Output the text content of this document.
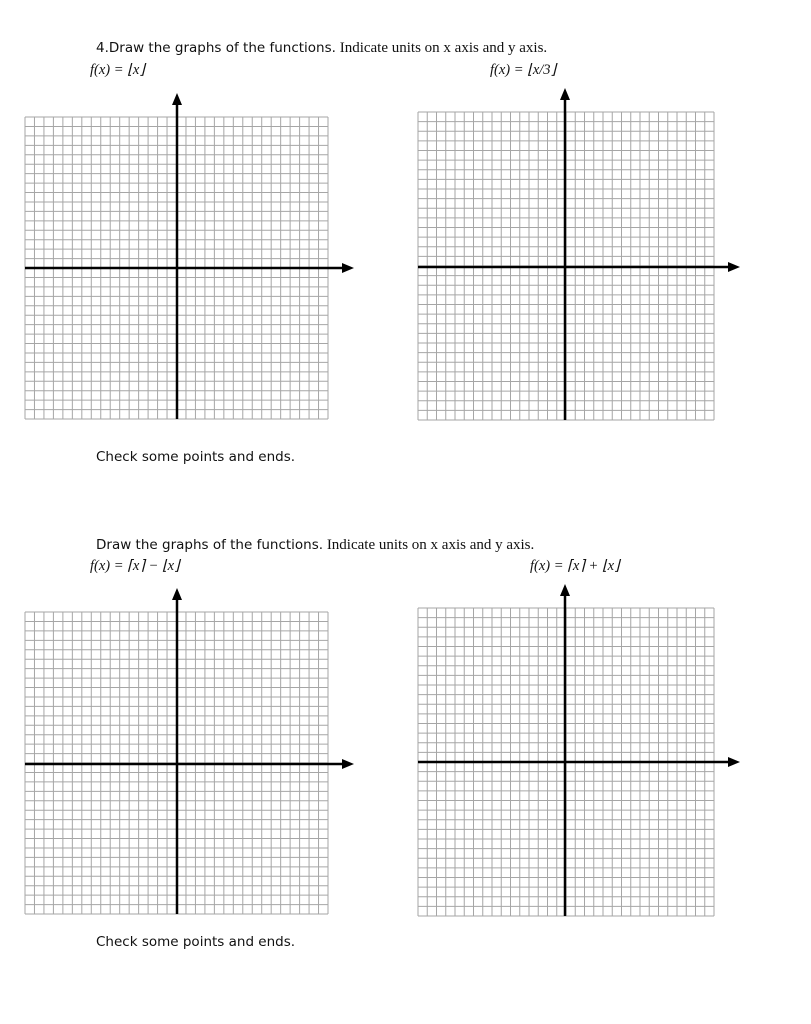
4.Draw the graphs of the functions. Indicate units on x axis and y axis.
f(x) = ⌊x⌋	f(x) = ⌊x/3⌋
Check some points and ends.
Draw the graphs of the functions. Indicate units on x axis and y axis.
f(x) = ⌈x⌉ − ⌊x⌋	f(x) = ⌈x⌉ + ⌊x⌋
Check some points and ends.
